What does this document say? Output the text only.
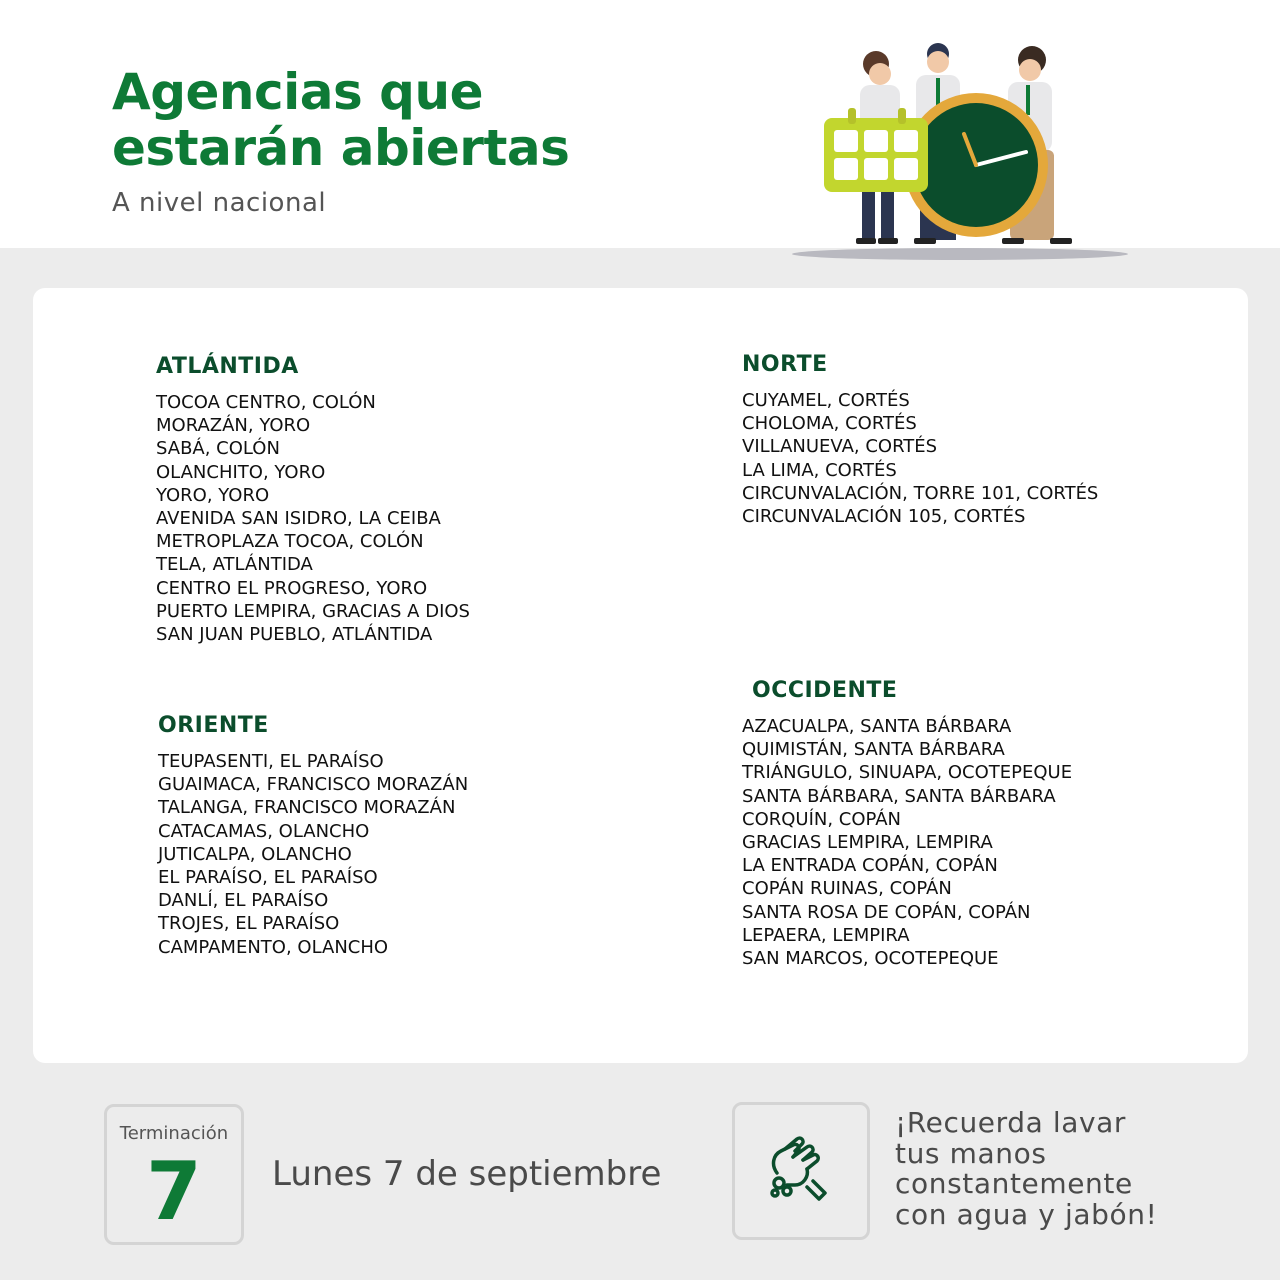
Agencias que
estarán abiertas

A nivel nacional

ATLÁNTIDA
TOCOA CENTRO, COLÓN
MORAZÁN, YORO
SABÁ, COLÓN
OLANCHITO, YORO
YORO, YORO
AVENIDA SAN ISIDRO, LA CEIBA
METROPLAZA TOCOA, COLÓN
TELA, ATLÁNTIDA
CENTRO EL PROGRESO, YORO
PUERTO LEMPIRA, GRACIAS A DIOS
SAN JUAN PUEBLO, ATLÁNTIDA
NORTE
CUYAMEL, CORTÉS
CHOLOMA, CORTÉS
VILLANUEVA, CORTÉS
LA LIMA, CORTÉS
CIRCUNVALACIÓN, TORRE 101, CORTÉS
CIRCUNVALACIÓN 105, CORTÉS
ORIENTE
TEUPASENTI, EL PARAÍSO
GUAIMACA, FRANCISCO MORAZÁN
TALANGA, FRANCISCO MORAZÁN
CATACAMAS, OLANCHO
JUTICALPA, OLANCHO
EL PARAÍSO, EL PARAÍSO
DANLÍ, EL PARAÍSO
TROJES, EL PARAÍSO
CAMPAMENTO, OLANCHO
OCCIDENTE
AZACUALPA, SANTA BÁRBARA
QUIMISTÁN, SANTA BÁRBARA
TRIÁNGULO, SINUAPA, OCOTEPEQUE
SANTA BÁRBARA, SANTA BÁRBARA
CORQUÍN, COPÁN
GRACIAS LEMPIRA, LEMPIRA
LA ENTRADA COPÁN, COPÁN
COPÁN RUINAS, COPÁN
SANTA ROSA DE COPÁN, COPÁN
LEPAERA, LEMPIRA
SAN MARCOS, OCOTEPEQUE
Terminación
7	Lunes 7 de septiembre
¡Recuerda lavar
tus manos
constantemente
con agua y jabón!
